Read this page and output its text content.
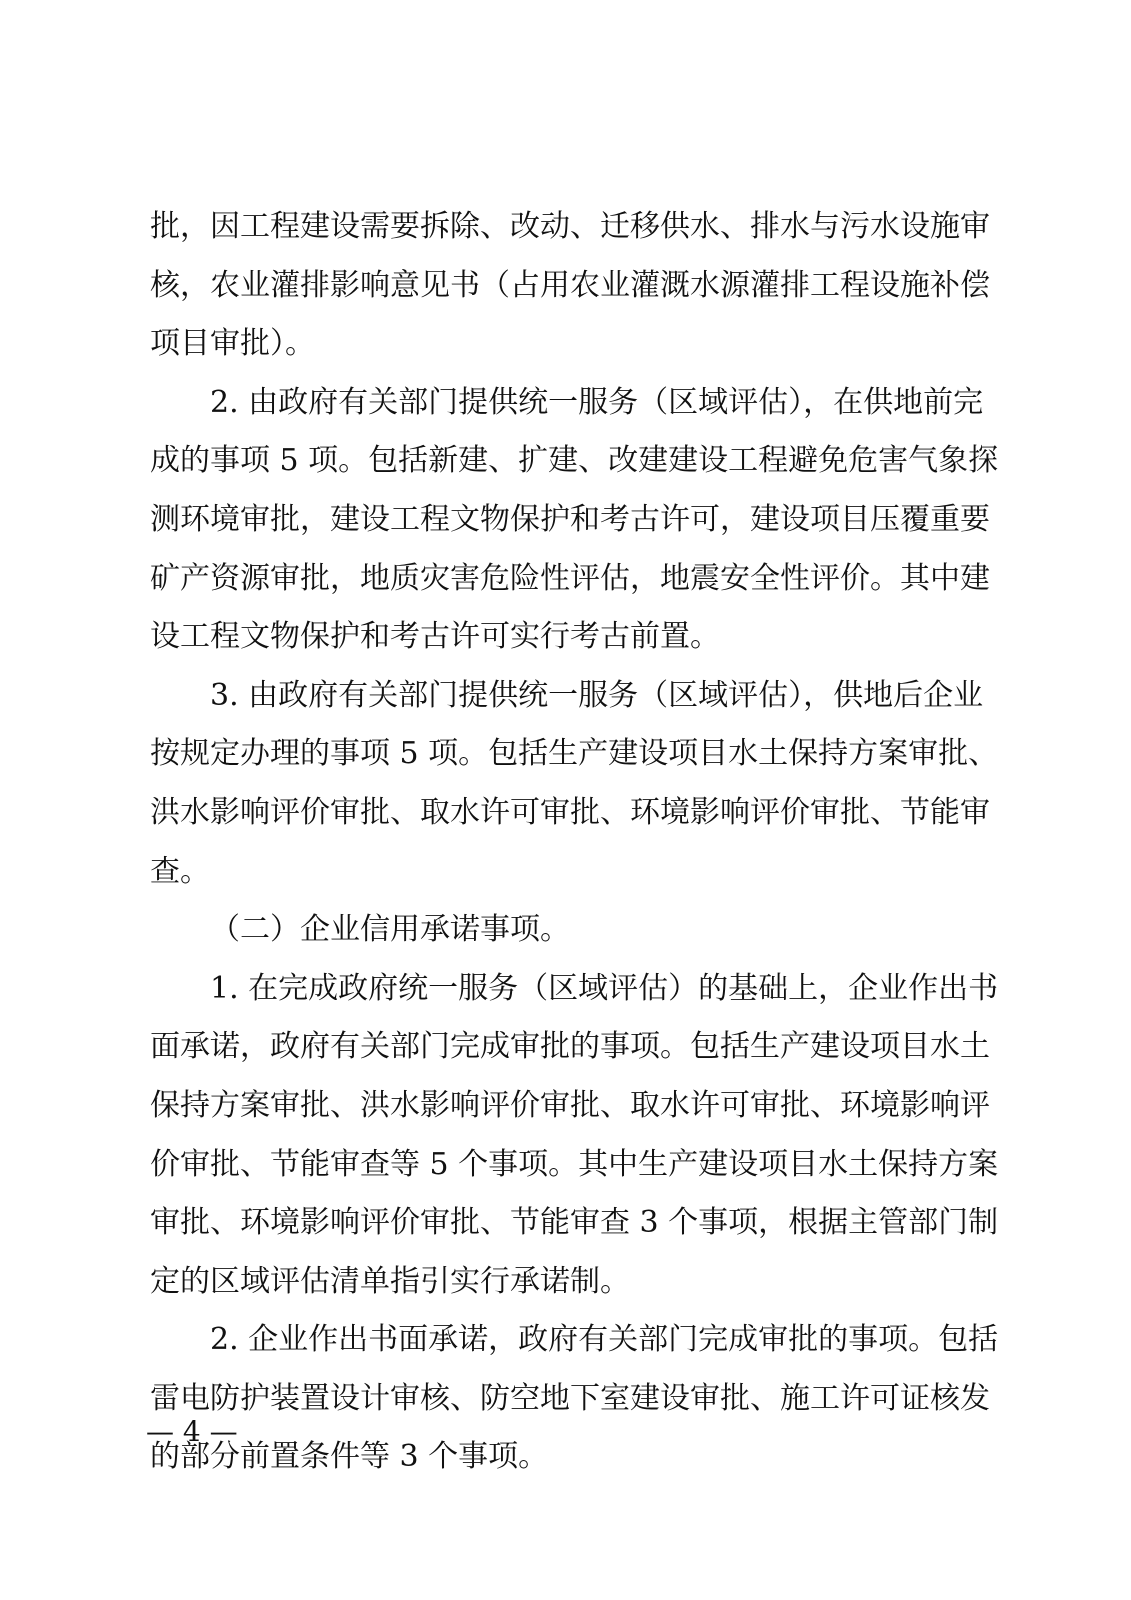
批，因工程建设需要拆除、改动、迁移供水、排水与污水设施审
核，农业灌排影响意见书（占用农业灌溉水源灌排工程设施补偿
项目审批）。
2. 由政府有关部门提供统一服务（区域评估），在供地前完
成的事项 5 项。包括新建、扩建、改建建设工程避免危害气象探
测环境审批，建设工程文物保护和考古许可，建设项目压覆重要
矿产资源审批，地质灾害危险性评估，地震安全性评价。其中建
设工程文物保护和考古许可实行考古前置。
3. 由政府有关部门提供统一服务（区域评估），供地后企业
按规定办理的事项 5 项。包括生产建设项目水土保持方案审批、
洪水影响评价审批、取水许可审批、环境影响评价审批、节能审
查。
（二）企业信用承诺事项。
1. 在完成政府统一服务（区域评估）的基础上，企业作出书
面承诺，政府有关部门完成审批的事项。包括生产建设项目水土
保持方案审批、洪水影响评价审批、取水许可审批、环境影响评
价审批、节能审查等 5 个事项。其中生产建设项目水土保持方案
审批、环境影响评价审批、节能审查 3 个事项，根据主管部门制
定的区域评估清单指引实行承诺制。
2. 企业作出书面承诺，政府有关部门完成审批的事项。包括
雷电防护装置设计审核、防空地下室建设审批、施工许可证核发
的部分前置条件等 3 个事项。
— 4 —
